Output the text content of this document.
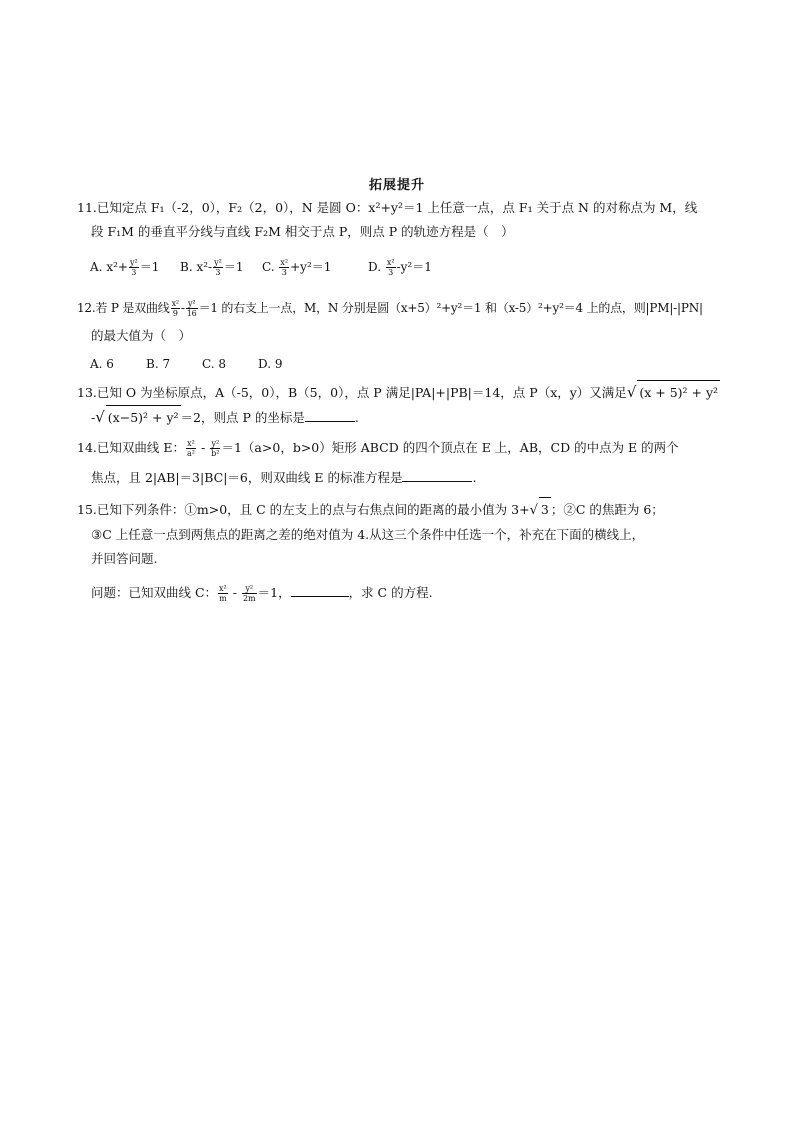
拓展提升
11.已知定点 F₁（-2，0），F₂（2，0），N 是圆 O：x²+y²＝1 上任意一点，点 F₁ 关于点 N 的对称点为 M，线
段 F₁M 的垂直平分线与直线 F₂M 相交于点 P，则点 P 的轨迹方程是（　）
A. $x^2+ \frac{\text{y²}}{3} =1$ B. $x^2- \frac{\text{y²}}{3} =1$ C. $\frac{\text{x²}}{3} +y^2=1$	D. $\frac{\text{x²}}{3} -y^2=1$
12.若 P 是双曲线 $\frac{\text{x²}}{9} - \frac{\text{y²}}{16} =1$ 的右支上一点，M，N 分别是圆（x+5）²+y²＝1 和（x-5）²+y²＝4 上的点，则|PM|-|PN|
的最大值为（　）
A. 6	B. 7	C. 8	D. 9
13.已知 O 为坐标原点，A（-5，0），B（5，0），点 P 满足|PA|+|PB|＝14，点 P（x，y）又满足√ (x + 5)² + y²
-√ (x−5)² + y² ＝2，则点 P 的坐标是	.
14.已知双曲线 E： $\frac{\text{x²}}{\text{a²}} - \frac{\text{y²}}{\text{b²}} =1(a>0$，b>0）矩形 ABCD 的四个顶点在 E 上，AB，CD 的中点为 E 的两个
焦点，且 2|AB|＝3|BC|＝6，则双曲线 E 的标准方程是	.
15.已知下列条件：①m>0，且 C 的左支上的点与右焦点间的距离的最小值为 3+√ 3 ；②C 的焦距为 6；
③C 上任意一点到两焦点的距离之差的绝对值为 4.从这三个条件中任选一个，补充在下面的横线上，
并回答问题.
问题：已知双曲线 C： $\frac{\text{x²}}{m} - \frac{\text{y²}}{2m} =1$，	，求 C 的方程.
